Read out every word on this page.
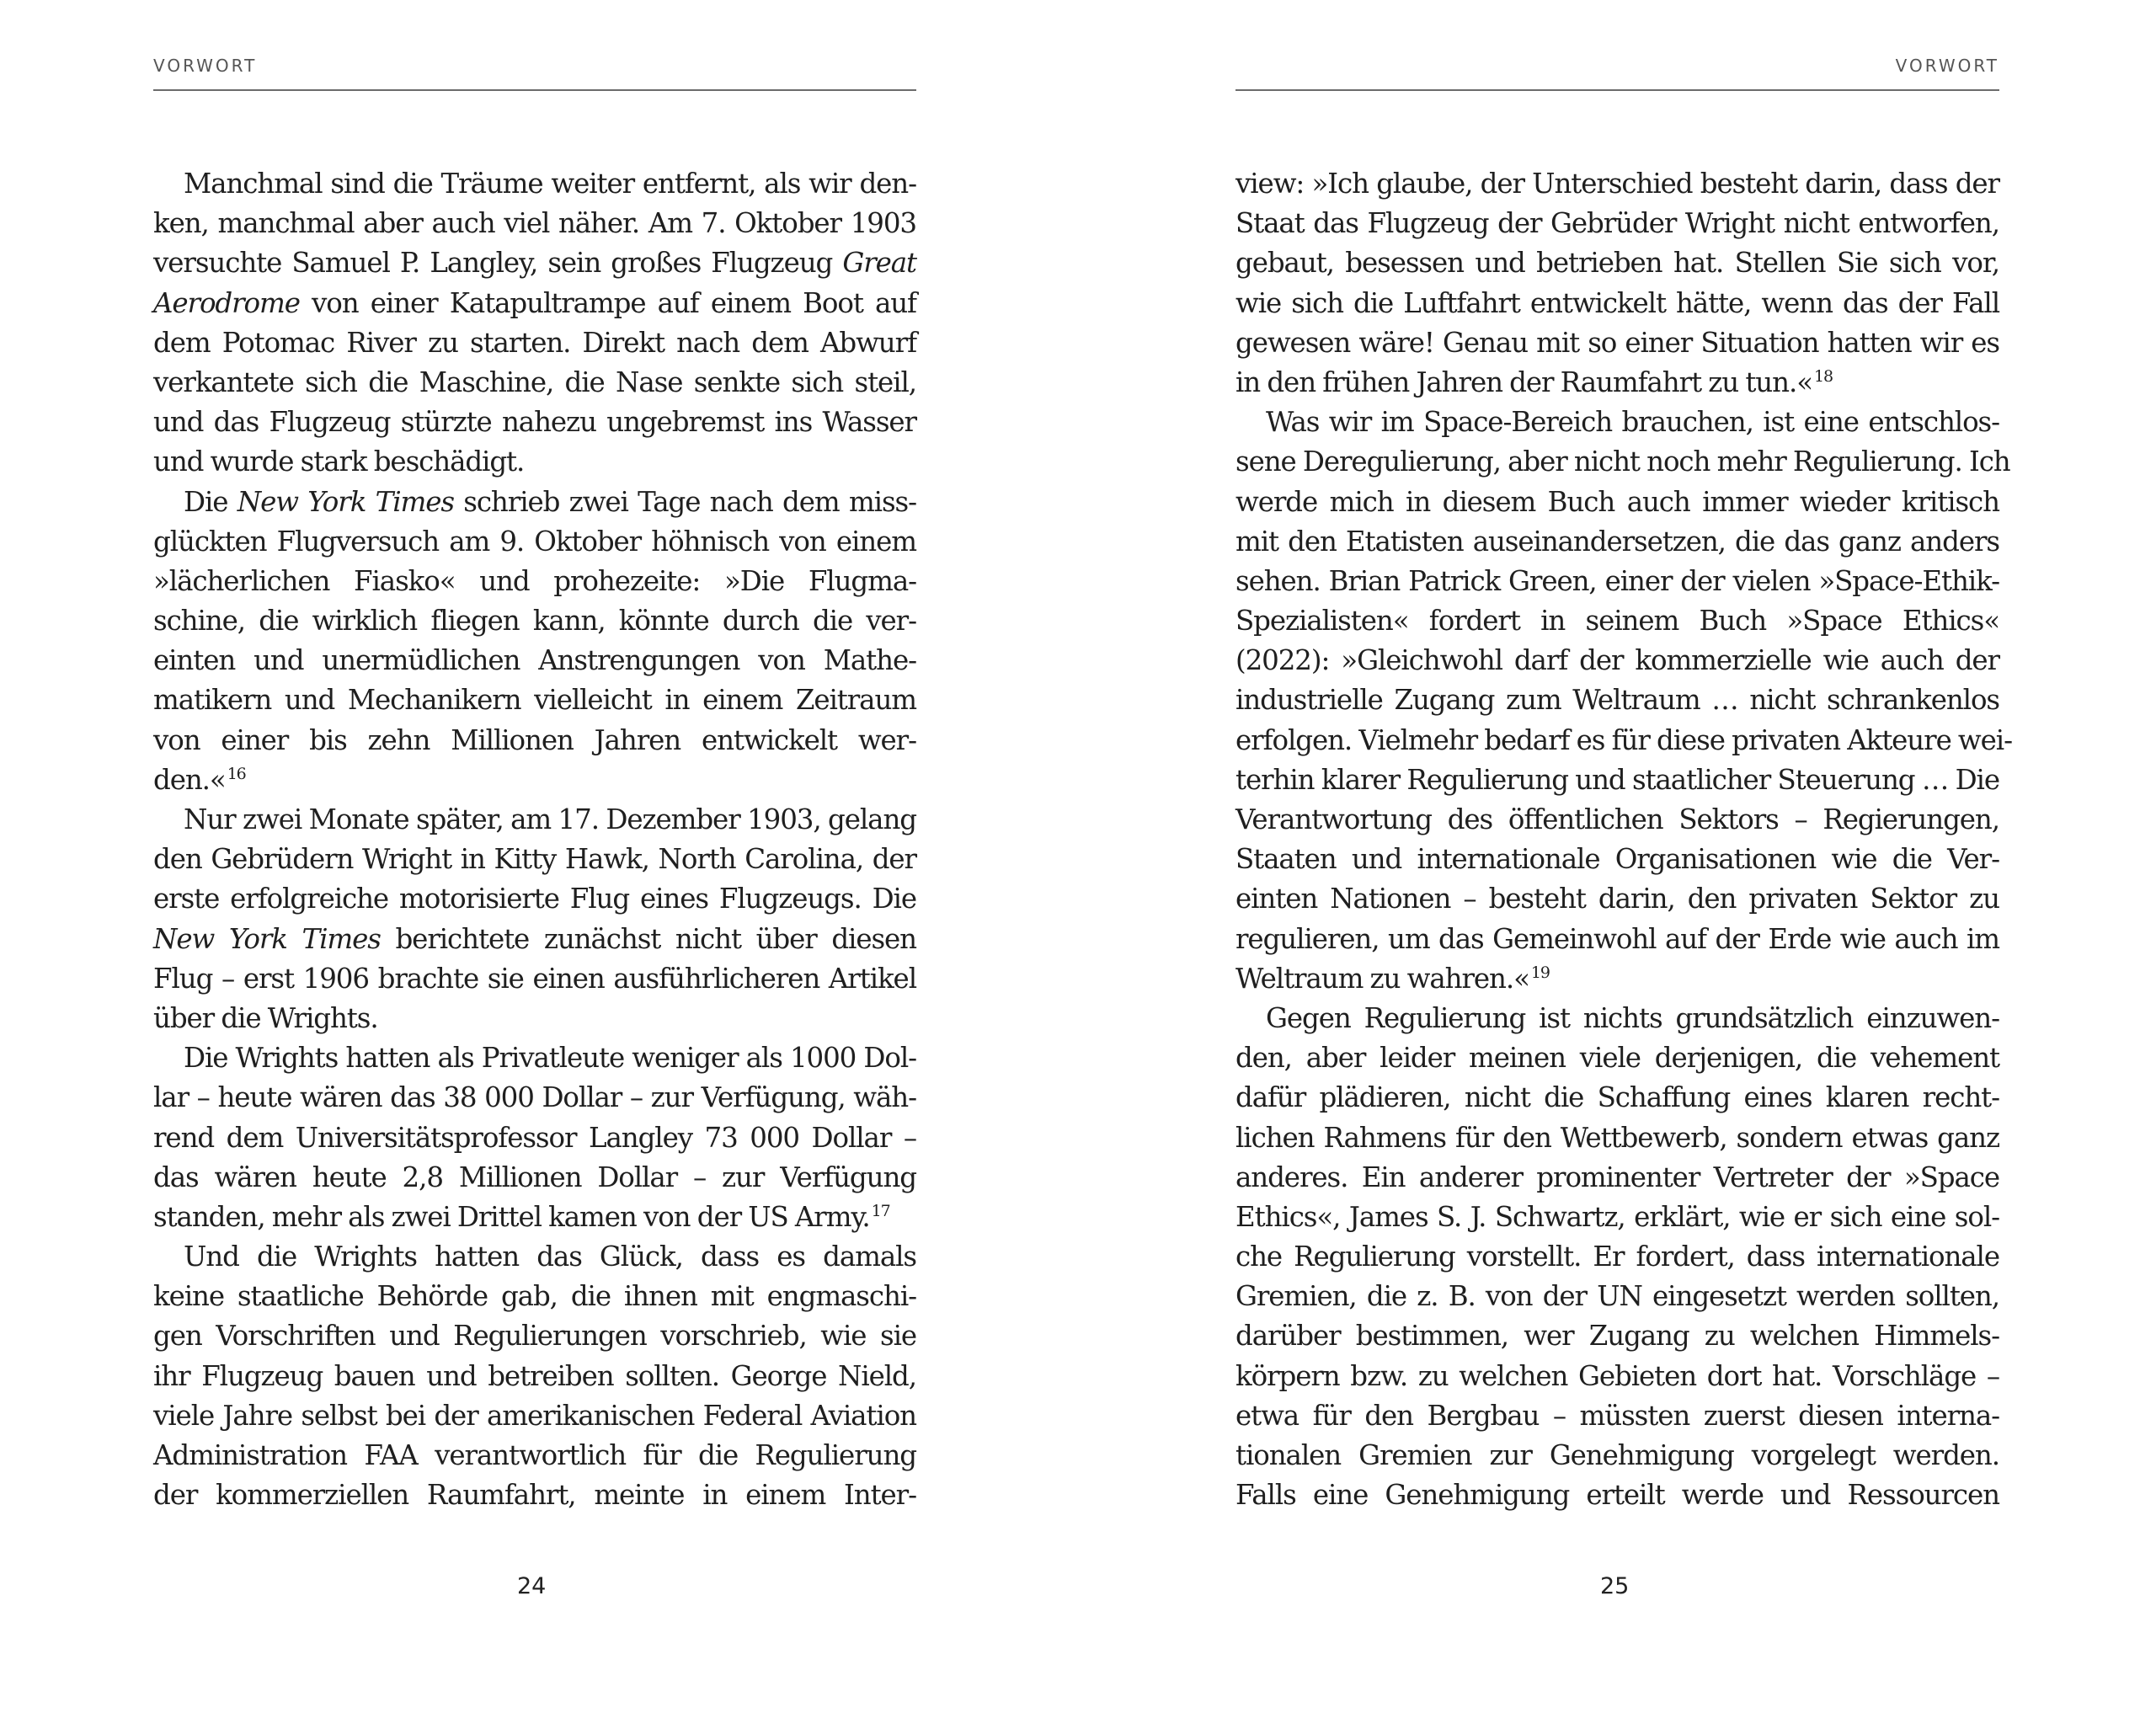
VORWORT
Manchmal sind die Träume weiter entfernt, als wir den-
ken, manchmal aber auch viel näher. Am 7. Oktober 1903
versuchte Samuel P. Langley, sein großes Flugzeug Great
Aerodrome von einer Katapultrampe auf einem Boot auf
dem Potomac River zu starten. Direkt nach dem Abwurf
verkantete sich die Maschine, die Nase senkte sich steil,
und das Flugzeug stürzte nahezu ungebremst ins Wasser
und wurde stark beschädigt.
Die New York Times schrieb zwei Tage nach dem miss-
glückten Flugversuch am 9. Oktober höhnisch von einem
»lächerlichen Fiasko« und prohezeite: »Die Flugma-
schine, die wirklich fliegen kann, könnte durch die ver-
einten und unermüdlichen Anstrengungen von Mathe-
matikern und Mechanikern vielleicht in einem Zeitraum
von einer bis zehn Millionen Jahren entwickelt wer-
den.« $^{16}$
Nur zwei Monate später, am 17. Dezember 1903, gelang
den Gebrüdern Wright in Kitty Hawk, North Carolina, der
erste erfolgreiche motorisierte Flug eines Flugzeugs. Die
New York Times berichtete zunächst nicht über diesen
Flug – erst 1906 brachte sie einen ausführlicheren Artikel
über die Wrights.
Die Wrights hatten als Privatleute weniger als 1000 Dol-
lar – heute wären das 38 000 Dollar – zur Verfügung, wäh-
rend dem Universitätsprofessor Langley 73 000 Dollar –
das wären heute 2,8 Millionen Dollar – zur Verfügung
standen, mehr als zwei Drittel kamen von der US Army. $^{17}$
Und die Wrights hatten das Glück, dass es damals
keine staatliche Behörde gab, die ihnen mit engmaschi-
gen Vorschriften und Regulierungen vorschrieb, wie sie
ihr Flugzeug bauen und betreiben sollten. George Nield,
viele Jahre selbst bei der amerikanischen Federal Aviation
Administration FAA verantwortlich für die Regulierung
der kommerziellen Raumfahrt, meinte in einem Inter-
24
VORWORT
view: »Ich glaube, der Unterschied besteht darin, dass der
Staat das Flugzeug der Gebrüder Wright nicht entworfen,
gebaut, besessen und betrieben hat. Stellen Sie sich vor,
wie sich die Luftfahrt entwickelt hätte, wenn das der Fall
gewesen wäre! Genau mit so einer Situation hatten wir es
in den frühen Jahren der Raumfahrt zu tun.« $^{18}$
Was wir im Space-Bereich brauchen, ist eine entschlos-
sene Deregulierung, aber nicht noch mehr Regulierung. Ich
werde mich in diesem Buch auch immer wieder kritisch
mit den Etatisten auseinandersetzen, die das ganz anders
sehen. Brian Patrick Green, einer der vielen »Space-Ethik-
Spezialisten« fordert in seinem Buch »Space Ethics«
(2022): »Gleichwohl darf der kommerzielle wie auch der
industrielle Zugang zum Weltraum … nicht schrankenlos
erfolgen. Vielmehr bedarf es für diese privaten Akteure wei-
terhin klarer Regulierung und staatlicher Steuerung … Die
Verantwortung des öffentlichen Sektors – Regierungen,
Staaten und internationale Organisationen wie die Ver-
einten Nationen – besteht darin, den privaten Sektor zu
regulieren, um das Gemeinwohl auf der Erde wie auch im
Weltraum zu wahren.« $^{19}$
Gegen Regulierung ist nichts grundsätzlich einzuwen-
den, aber leider meinen viele derjenigen, die vehement
dafür plädieren, nicht die Schaffung eines klaren recht-
lichen Rahmens für den Wettbewerb, sondern etwas ganz
anderes. Ein anderer prominenter Vertreter der »Space
Ethics«, James S. J. Schwartz, erklärt, wie er sich eine sol-
che Regulierung vorstellt. Er fordert, dass internationale
Gremien, die z. B. von der UN eingesetzt werden sollten,
darüber bestimmen, wer Zugang zu welchen Himmels-
körpern bzw. zu welchen Gebieten dort hat. Vorschläge –
etwa für den Bergbau – müssten zuerst diesen interna-
tionalen Gremien zur Genehmigung vorgelegt werden.
Falls eine Genehmigung erteilt werde und Ressourcen
25
